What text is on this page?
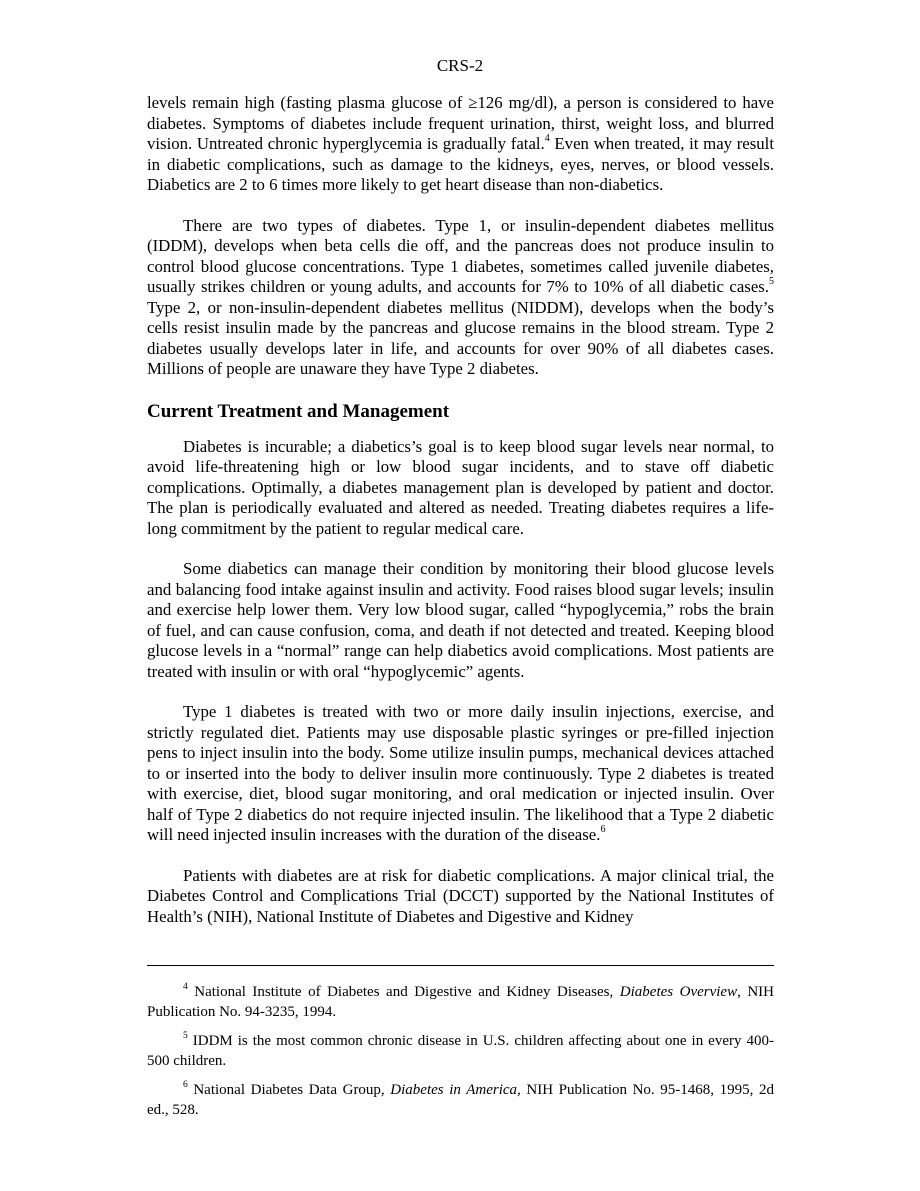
CRS-2

levels remain high (fasting plasma glucose of ≥126 mg/dl), a person is considered to have diabetes. Symptoms of diabetes include frequent urination, thirst, weight loss, and blurred vision. Untreated chronic hyperglycemia is gradually fatal.$^4$ Even when treated, it may result in diabetic complications, such as damage to the kidneys, eyes, nerves, or blood vessels. Diabetics are 2 to 6 times more likely to get heart disease than non-diabetics.

There are two types of diabetes. Type 1, or insulin-dependent diabetes mellitus (IDDM), develops when beta cells die off, and the pancreas does not produce insulin to control blood glucose concentrations. Type 1 diabetes, sometimes called juvenile diabetes, usually strikes children or young adults, and accounts for 7% to 10% of all diabetic cases.$^5$ Type 2, or non-insulin-dependent diabetes mellitus (NIDDM), develops when the body’s cells resist insulin made by the pancreas and glucose remains in the blood stream. Type 2 diabetes usually develops later in life, and accounts for over 90% of all diabetes cases. Millions of people are unaware they have Type 2 diabetes.

Current Treatment and Management

Diabetes is incurable; a diabetics’s goal is to keep blood sugar levels near normal, to avoid life-threatening high or low blood sugar incidents, and to stave off diabetic complications. Optimally, a diabetes management plan is developed by patient and doctor. The plan is periodically evaluated and altered as needed. Treating diabetes requires a life-long commitment by the patient to regular medical care.

Some diabetics can manage their condition by monitoring their blood glucose levels and balancing food intake against insulin and activity. Food raises blood sugar levels; insulin and exercise help lower them. Very low blood sugar, called “hypoglycemia,” robs the brain of fuel, and can cause confusion, coma, and death if not detected and treated. Keeping blood glucose levels in a “normal” range can help diabetics avoid complications. Most patients are treated with insulin or with oral “hypoglycemic” agents.

Type 1 diabetes is treated with two or more daily insulin injections, exercise, and strictly regulated diet. Patients may use disposable plastic syringes or pre-filled injection pens to inject insulin into the body. Some utilize insulin pumps, mechanical devices attached to or inserted into the body to deliver insulin more continuously. Type 2 diabetes is treated with exercise, diet, blood sugar monitoring, and oral medication or injected insulin. Over half of Type 2 diabetics do not require injected insulin. The likelihood that a Type 2 diabetic will need injected insulin increases with the duration of the disease.$^6$

Patients with diabetes are at risk for diabetic complications. A major clinical trial, the Diabetes Control and Complications Trial (DCCT) supported by the National Institutes of Health’s (NIH), National Institute of Diabetes and Digestive and Kidney

$^4$ National Institute of Diabetes and Digestive and Kidney Diseases, Diabetes Overview, NIH Publication No. 94-3235, 1994.

$^5$ IDDM is the most common chronic disease in U.S. children affecting about one in every 400-500 children.

$^6$ National Diabetes Data Group, Diabetes in America, NIH Publication No. 95-1468, 1995, 2d ed., 528.
